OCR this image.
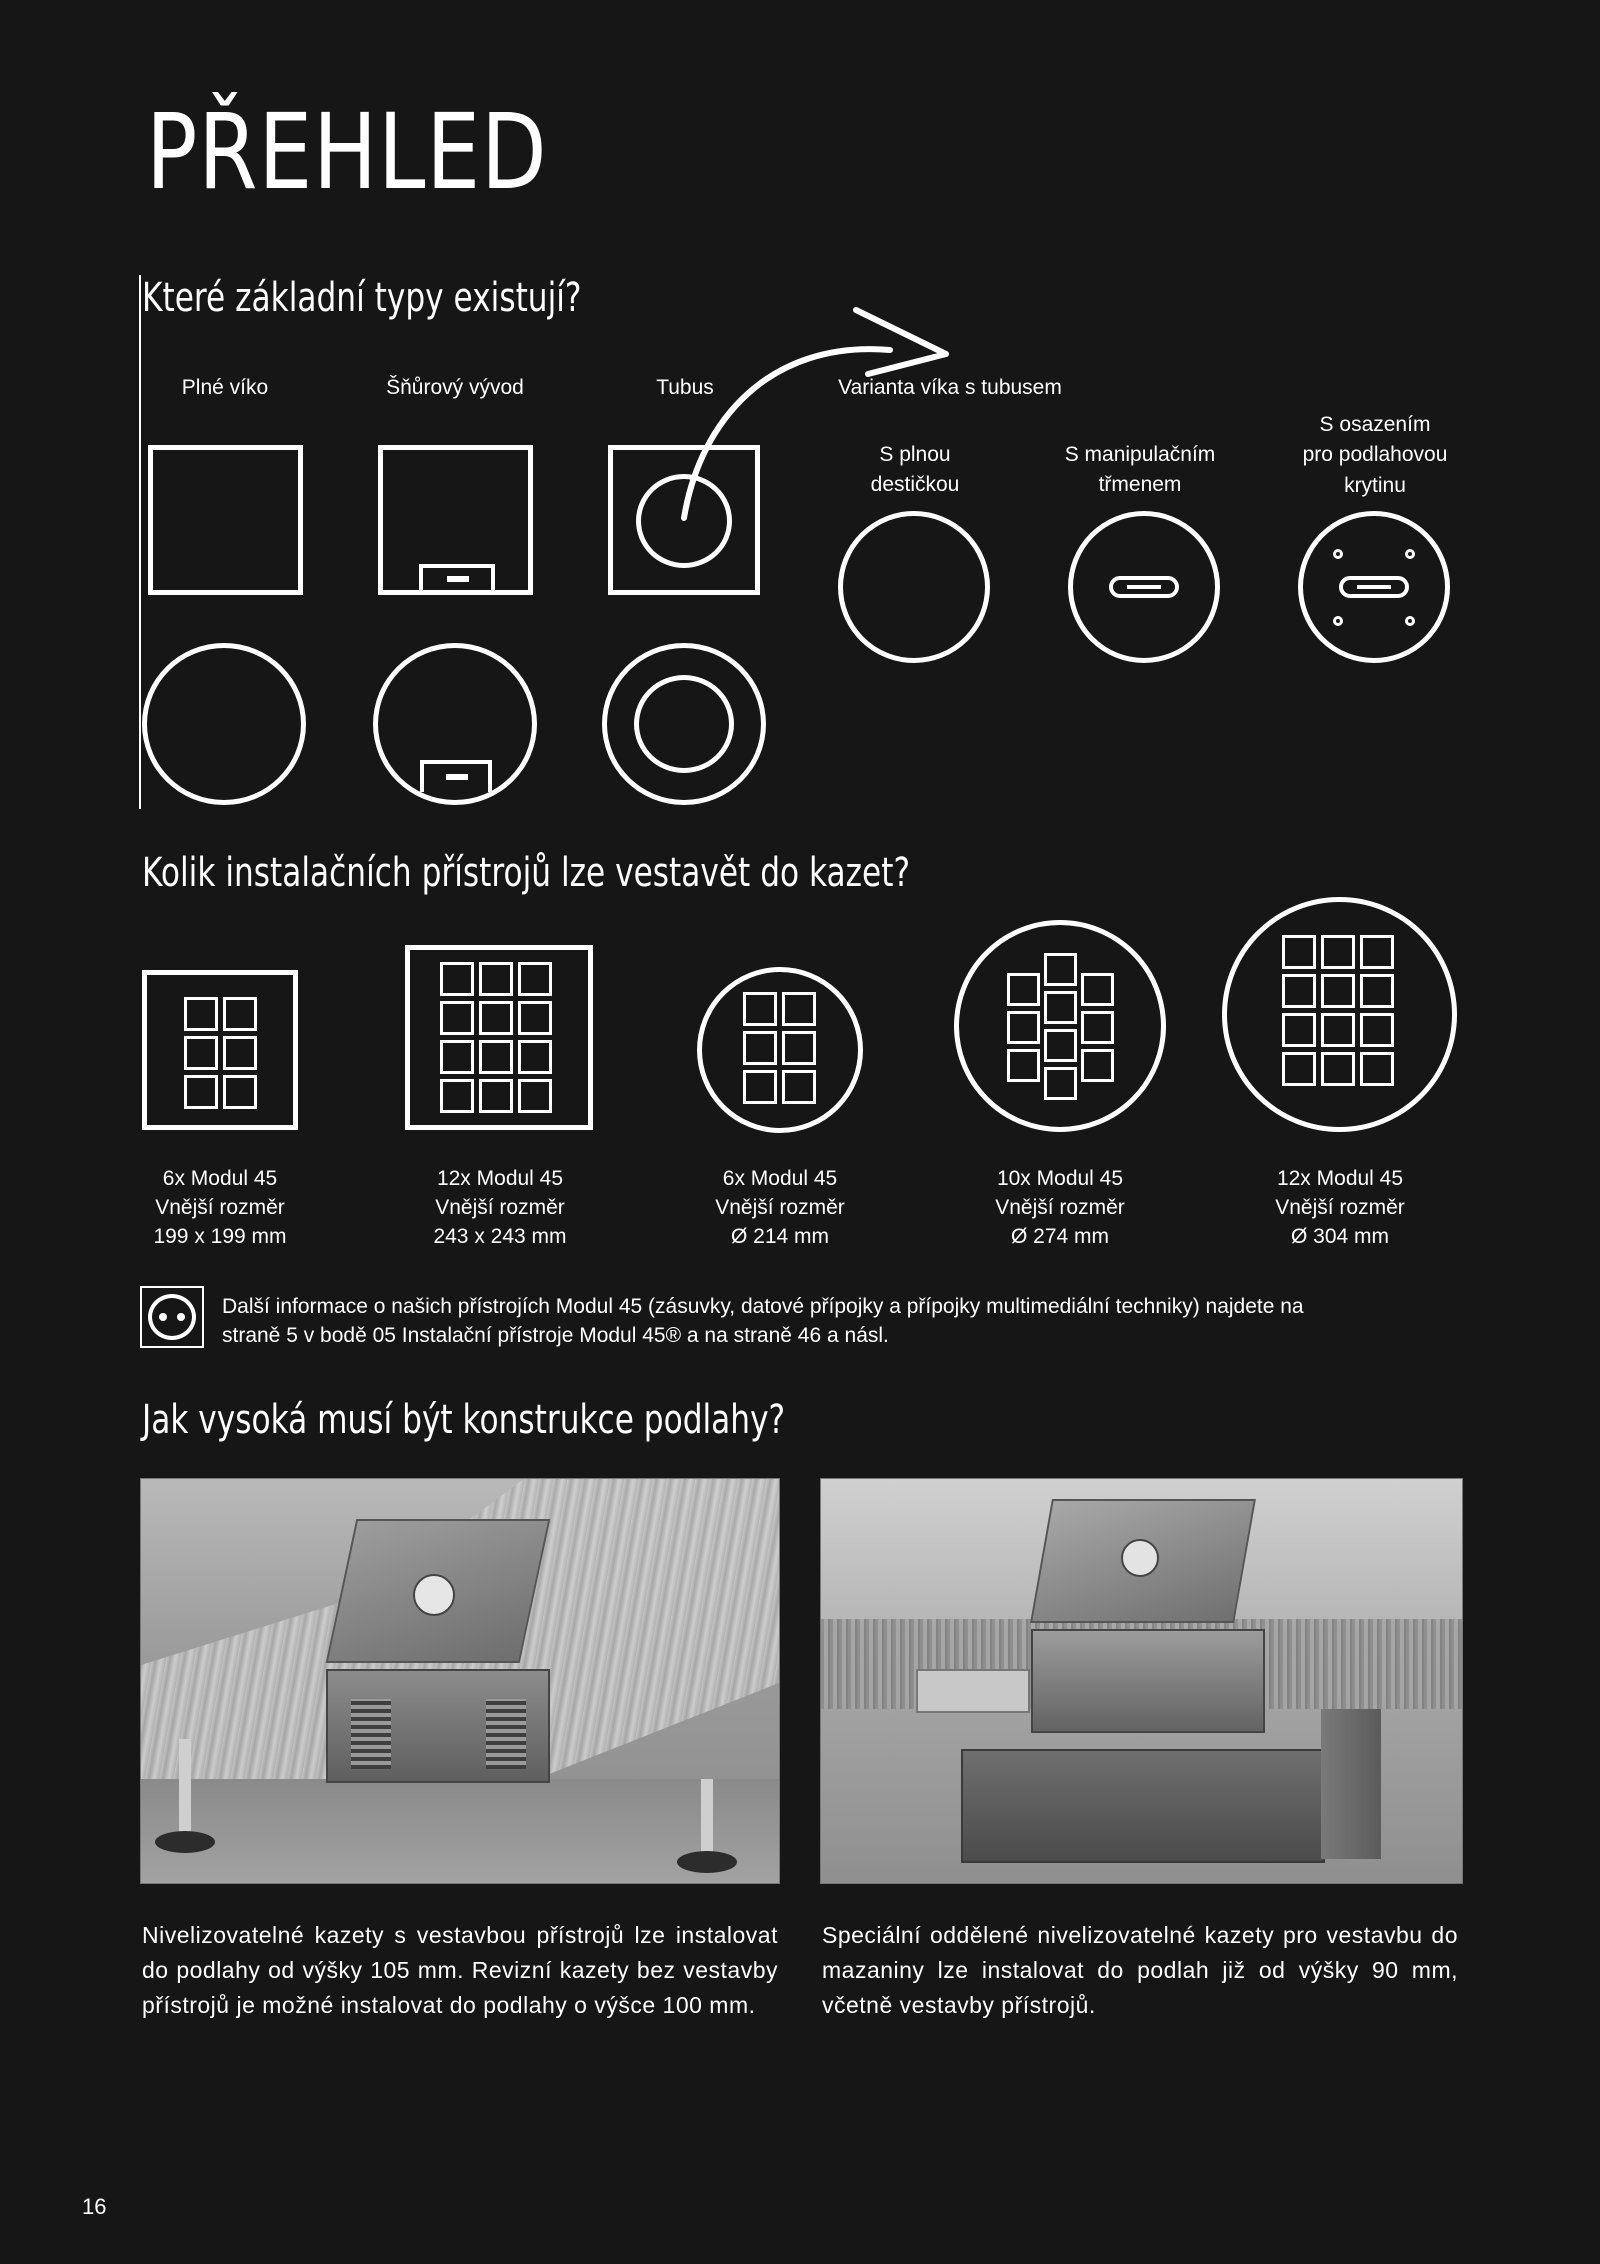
PŘEHLED
Které základní typy existují?
Plné víko	Šňůrový vývod	Tubus	Varianta víka s tubusem
S plnou
destičkou
S manipulačním
třmenem
S osazením
pro podlahovou
krytinu
Kolik instalačních přístrojů lze vestavět do kazet?
6x Modul 45
Vnější rozměr
199 x 199 mm
12x Modul 45
Vnější rozměr
243 x 243 mm
6x Modul 45
Vnější rozměr
Ø 214 mm
10x Modul 45
Vnější rozměr
Ø 274 mm
12x Modul 45
Vnější rozměr
Ø 304 mm
Další informace o našich přístrojích Modul 45 (zásuvky, datové přípojky a přípojky multimediální techniky) najdete na
straně 5 v bodě 05 Instalační přístroje Modul 45® a na straně 46 a násl.
Jak vysoká musí být konstrukce podlahy?
Nivelizovatelné kazety s vestavbou přístrojů lze instalovat do podlahy od výšky 105 mm. Revizní kazety bez vestavby přístrojů je možné instalovat do podlahy o výšce 100 mm.
Speciální oddělené nivelizovatelné kazety pro vestavbu do mazaniny lze instalovat do podlah již od výšky 90 mm, včetně vestavby přístrojů.
16
